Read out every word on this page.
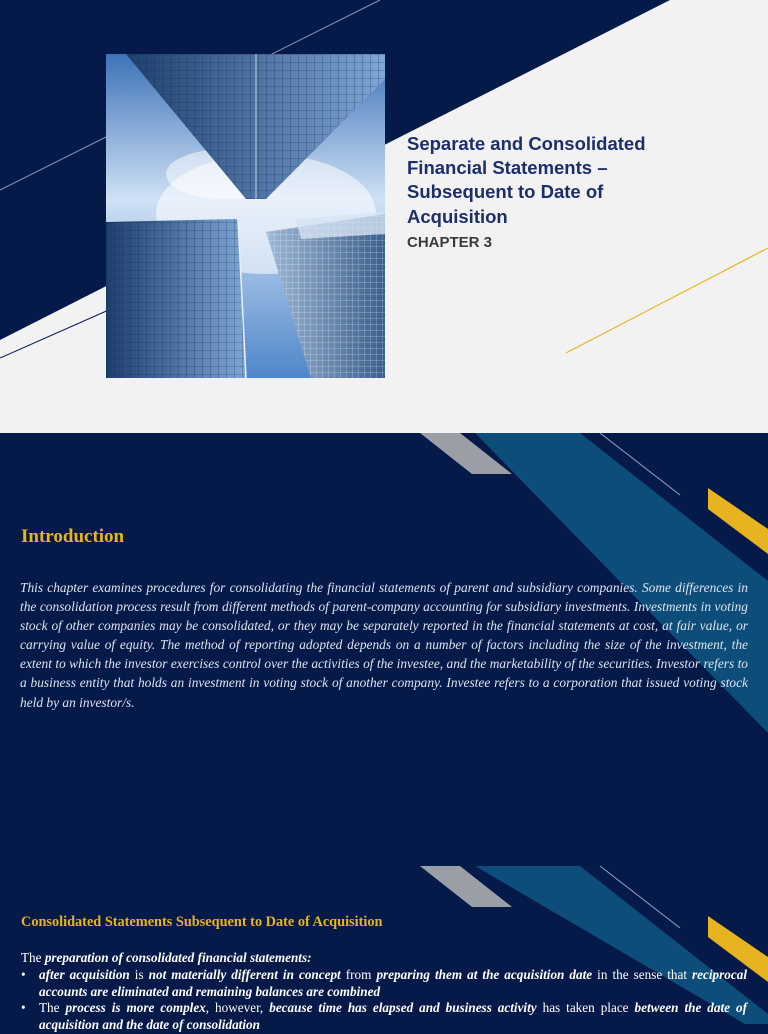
Separate and Consolidated
Financial Statements –
Subsequent to Date of
Acquisition
CHAPTER 3
Introduction

This chapter examines procedures for consolidating the financial statements of parent and subsidiary companies. Some differences in the consolidation process result from different methods of parent-company accounting for subsidiary investments. Investments in voting stock of other companies may be consolidated, or they may be separately reported in the financial statements at cost, at fair value, or carrying value of equity. The method of reporting adopted depends on a number of factors including the size of the investment, the extent to which the investor exercises control over the activities of the investee, and the marketability of the securities. Investor refers to a business entity that holds an investment in voting stock of another company. Investee refers to a corporation that issued voting stock held by an investor/s.

Consolidated Statements Subsequent to Date of Acquisition

The preparation of consolidated financial statements:

• after acquisition is not materially different in concept from preparing them at the acquisition date in the sense that reciprocal accounts are eliminated and remaining balances are combined
• The process is more complex, however, because time has elapsed and business activity has taken place between the date of acquisition and the date of consolidation
